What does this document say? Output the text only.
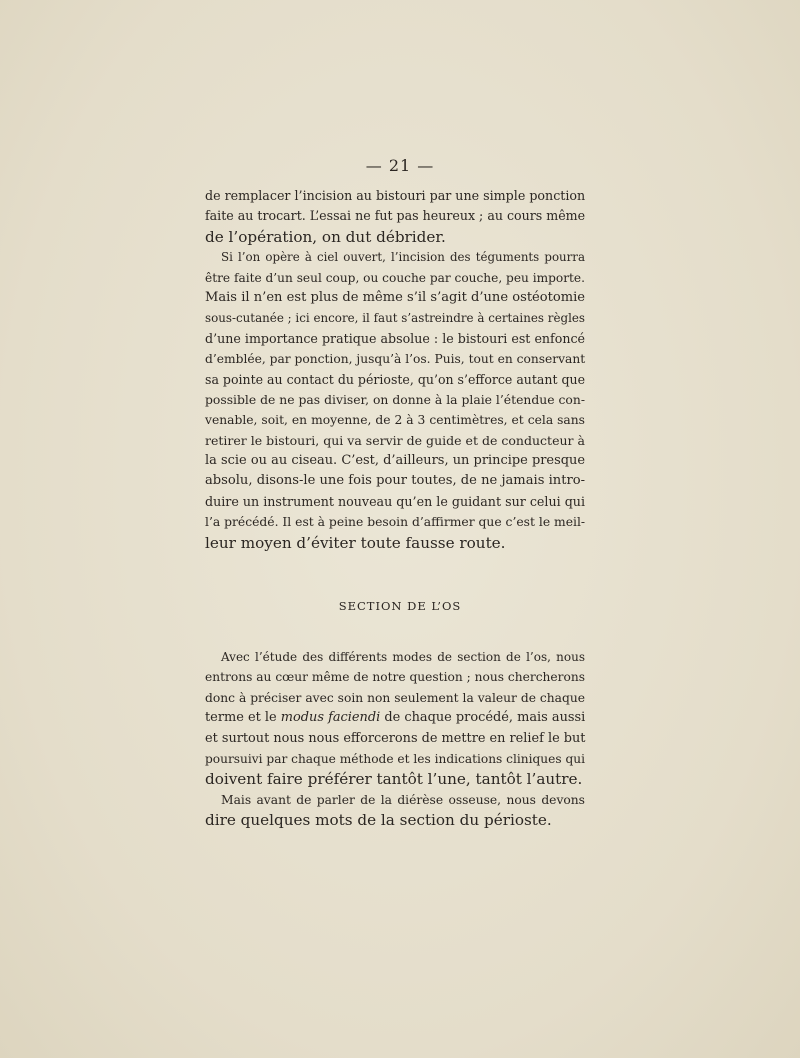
— 21 —
de remplacer l’incision au bistouri par une simple ponction
faite au trocart. L’essai ne fut pas heureux ; au cours même
de l’opération, on dut débrider.
Si l’on opère à ciel ouvert, l’incision des téguments pourra
être faite d’un seul coup, ou couche par couche, peu importe.
Mais il n’en est plus de même s’il s’agit d’une ostéotomie
sous-cutanée ; ici encore, il faut s’astreindre à certaines règles
d’une importance pratique absolue : le bistouri est enfoncé
d’emblée, par ponction, jusqu’à l’os. Puis, tout en conservant
sa pointe au contact du périoste, qu’on s’efforce autant que
possible de ne pas diviser, on donne à la plaie l’étendue con-
venable, soit, en moyenne, de 2 à 3 centimètres, et cela sans
retirer le bistouri, qui va servir de guide et de conducteur à
la scie ou au ciseau. C’est, d’ailleurs, un principe presque
absolu, disons-le une fois pour toutes, de ne jamais intro-
duire un instrument nouveau qu’en le guidant sur celui qui
l’a précédé. Il est à peine besoin d’affirmer que c’est le meil-
leur moyen d’éviter toute fausse route.
SECTION DE L’OS
Avec l’étude des différents modes de section de l’os, nous
entrons au cœur même de notre question ; nous chercherons
donc à préciser avec soin non seulement la valeur de chaque
terme et le modus faciendi de chaque procédé, mais aussi
et surtout nous nous efforcerons de mettre en relief le but
poursuivi par chaque méthode et les indications cliniques qui
doivent faire préférer tantôt l’une, tantôt l’autre.
Mais avant de parler de la diérèse osseuse, nous devons
dire quelques mots de la section du périoste.
